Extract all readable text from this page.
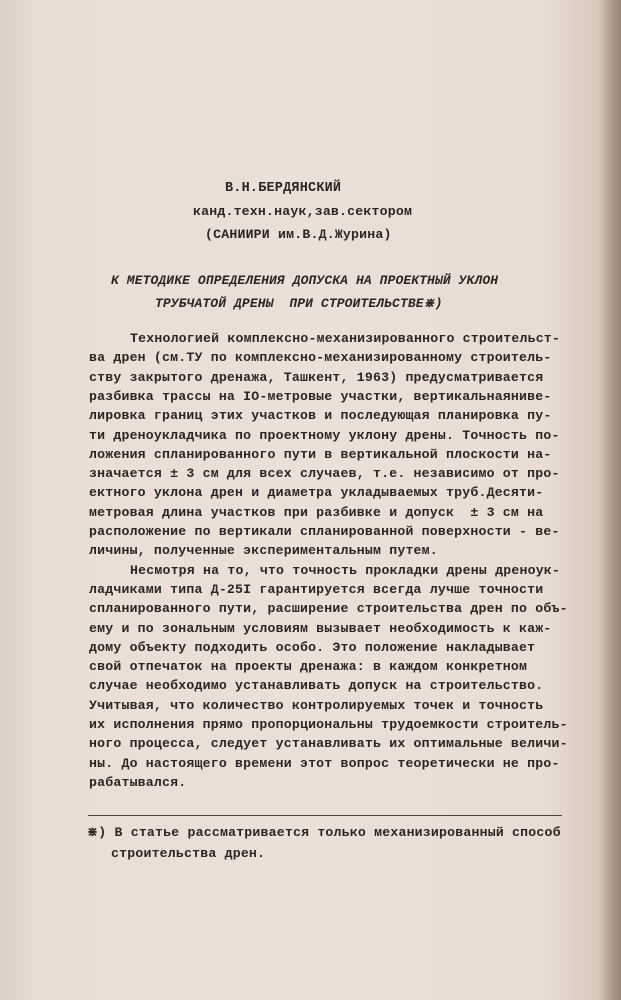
В.Н.БЕРДЯНСКИЙ
канд.техн.наук,зав.сектором
(САНИИРИ им.В.Д.Журина)
К МЕТОДИКЕ ОПРЕДЕЛЕНИЯ ДОПУСКА НА ПРОЕКТНЫЙ УКЛОН
ТРУБЧАТОЙ ДРЕНЫ  ПРИ СТРОИТЕЛЬСТВЕ⋇)
Технологией комплексно-механизированного строительст-
ва дрен (см.ТУ по комплексно-механизированному строитель-
ству закрытого дренажа, Ташкент, 1963) предусматривается
разбивка трассы на IO-метровые участки, вертикальнаяниве-
лировка границ этих участков и последующая планировка пу-
ти дреноукладчика по проектному уклону дрены. Точность по-
ложения спланированного пути в вертикальной плоскости на-
значается ± 3 см для всех случаев, т.е. независимо от про-
ектного уклона дрен и диаметра укладываемых труб.Десяти-
метровая длина участков при разбивке и допуск  ± 3 см на
расположение по вертикали спланированной поверхности - ве-
личины, полученные экспериментальным путем.
Несмотря на то, что точность прокладки дрены дреноук-
ладчиками типа Д-25I гарантируется всегда лучше точности
спланированного пути, расширение строительства дрен по объ-
ему и по зональным условиям вызывает необходимость к каж-
дому объекту подходить особо. Это положение накладывает
свой отпечаток на проекты дренажа: в каждом конкретном
случае необходимо устанавливать допуск на строительство.
Учитывая, что количество контролируемых точек и точность
их исполнения прямо пропорциональны трудоемкости строитель-
ного процесса, следует устанавливать их оптимальные величи-
ны. До настоящего времени этот вопрос теоретически не про-
рабатывался.
⋇) В статье рассматривается только механизированный способ
строительства дрен.
